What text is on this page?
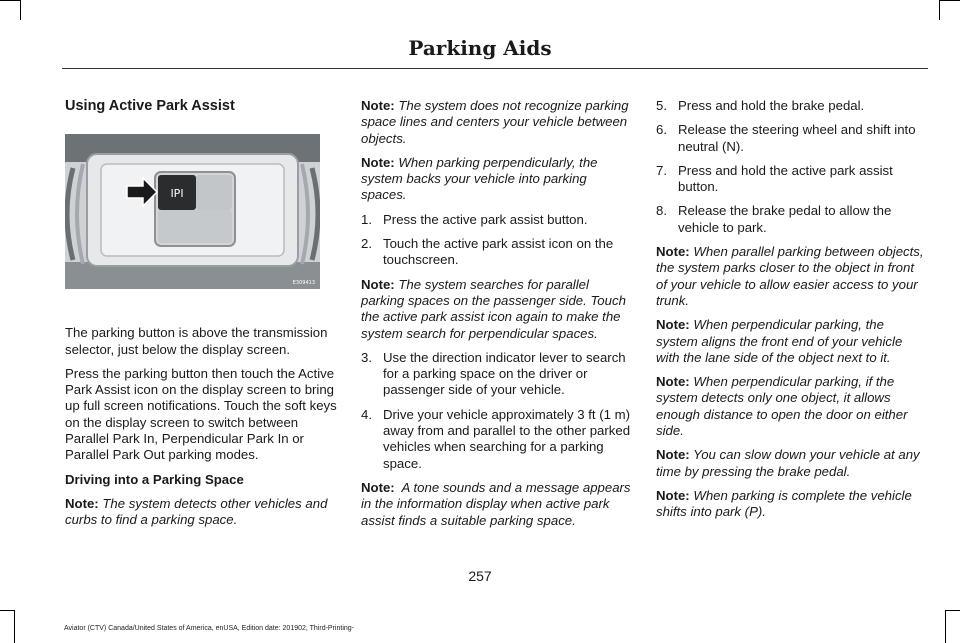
Parking Aids
Using Active Park Assist
IPI
E309413

The parking button is above the transmission selector, just below the display screen.

Press the parking button then touch the Active Park Assist icon on the display screen to bring up full screen notifications. Touch the soft keys on the display screen to switch between Parallel Park In, Perpendicular Park In or Parallel Park Out parking modes.

Driving into a Parking Space

Note: The system detects other vehicles and curbs to find a parking space.

Note: The system does not recognize parking space lines and centers your vehicle between objects.

Note: When parking perpendicularly, the system backs your vehicle into parking spaces.

1. Press the active park assist button.
2. Touch the active park assist icon on the touchscreen.

Note: The system searches for parallel parking spaces on the passenger side. Touch the active park assist icon again to make the system search for perpendicular spaces.

3. Use the direction indicator lever to search for a parking space on the driver or passenger side of your vehicle.
4. Drive your vehicle approximately 3 ft (1 m) away from and parallel to the other parked vehicles when searching for a parking space.

Note:  A tone sounds and a message appears in the information display when active park assist finds a suitable parking space.

5. Press and hold the brake pedal.
6. Release the steering wheel and shift into neutral (N).
7. Press and hold the active park assist button.
8. Release the brake pedal to allow the vehicle to park.

Note: When parallel parking between objects, the system parks closer to the object in front of your vehicle to allow easier access to your trunk.

Note: When perpendicular parking, the system aligns the front end of your vehicle with the lane side of the object next to it.

Note: When perpendicular parking, if the system detects only one object, it allows enough distance to open the door on either side.

Note: You can slow down your vehicle at any time by pressing the brake pedal.

Note: When parking is complete the vehicle shifts into park (P).

257
Aviator (CTV) Canada/United States of America, enUSA, Edition date: 201902, Third-Printing-
